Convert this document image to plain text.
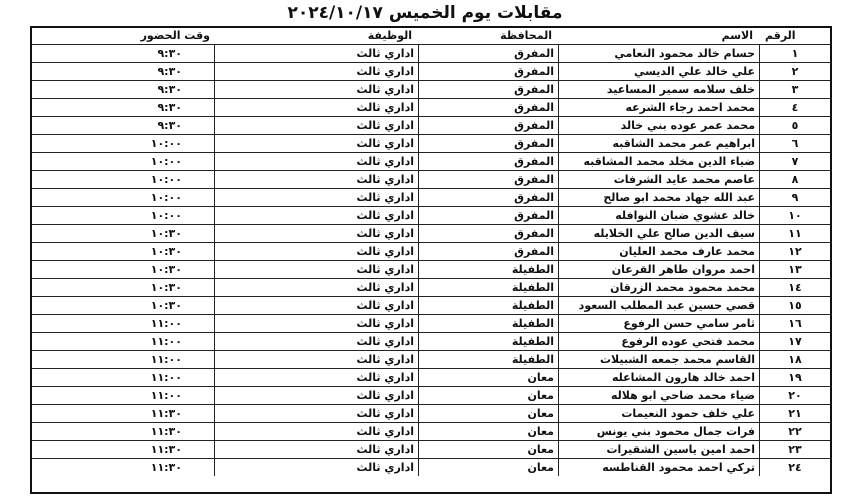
مقابلات يوم الخميس ٢٠٢٤/١٠/١٧
الرقم
الاسم
المحافظة
الوظيفة
وقت الحضور
١
حسام خالد محمود النعامي
المفرق
اداري ثالث
٩:٣٠
٢
علي خالد علي الديسي
المفرق
اداري ثالث
٩:٣٠
٣
خلف سلامه سمير المساعيد
المفرق
اداري ثالث
٩:٣٠
٤
محمد احمد رجاء الشرعه
المفرق
اداري ثالث
٩:٣٠
٥
محمد عمر عوده بني خالد
المفرق
اداري ثالث
٩:٣٠
٦
ابراهيم عمر محمد الشاقبه
المفرق
اداري ثالث
١٠:٠٠
٧
ضياء الدين مخلد محمد المشاقبه
المفرق
اداري ثالث
١٠:٠٠
٨
عاصم محمد عايد الشرفات
المفرق
اداري ثالث
١٠:٠٠
٩
عبد الله جهاد محمد ابو صالح
المفرق
اداري ثالث
١٠:٠٠
١٠
خالد عشوي ضبان النوافله
المفرق
اداري ثالث
١٠:٠٠
١١
سيف الدين صالح علي الخلايله
المفرق
اداري ثالث
١٠:٣٠
١٢
محمد عارف محمد العليان
المفرق
اداري ثالث
١٠:٣٠
١٣
احمد مروان طاهر القرعان
الطفيلة
اداري ثالث
١٠:٣٠
١٤
محمد محمود محمد الزرقان
الطفيلة
اداري ثالث
١٠:٣٠
١٥
قصي حسين عبد المطلب السعود
الطفيلة
اداري ثالث
١٠:٣٠
١٦
ثامر سامي حسن الرفوع
الطفيلة
اداري ثالث
١١:٠٠
١٧
محمد فتحي عوده الرفوع
الطفيلة
اداري ثالث
١١:٠٠
١٨
القاسم محمد جمعه الشبيلات
الطفيلة
اداري ثالث
١١:٠٠
١٩
احمد خالد هارون المشاعله
معان
اداري ثالث
١١:٠٠
٢٠
ضياء محمد ضاحي ابو هلاله
معان
اداري ثالث
١١:٠٠
٢١
علي خلف حمود النعيمات
معان
اداري ثالث
١١:٣٠
٢٢
فرات جمال محمود بني يونس
معان
اداري ثالث
١١:٣٠
٢٣
احمد امين ياسين الشقيرات
معان
اداري ثالث
١١:٣٠
٢٤
تركي احمد محمود القناطسه
معان
اداري ثالث
١١:٣٠
